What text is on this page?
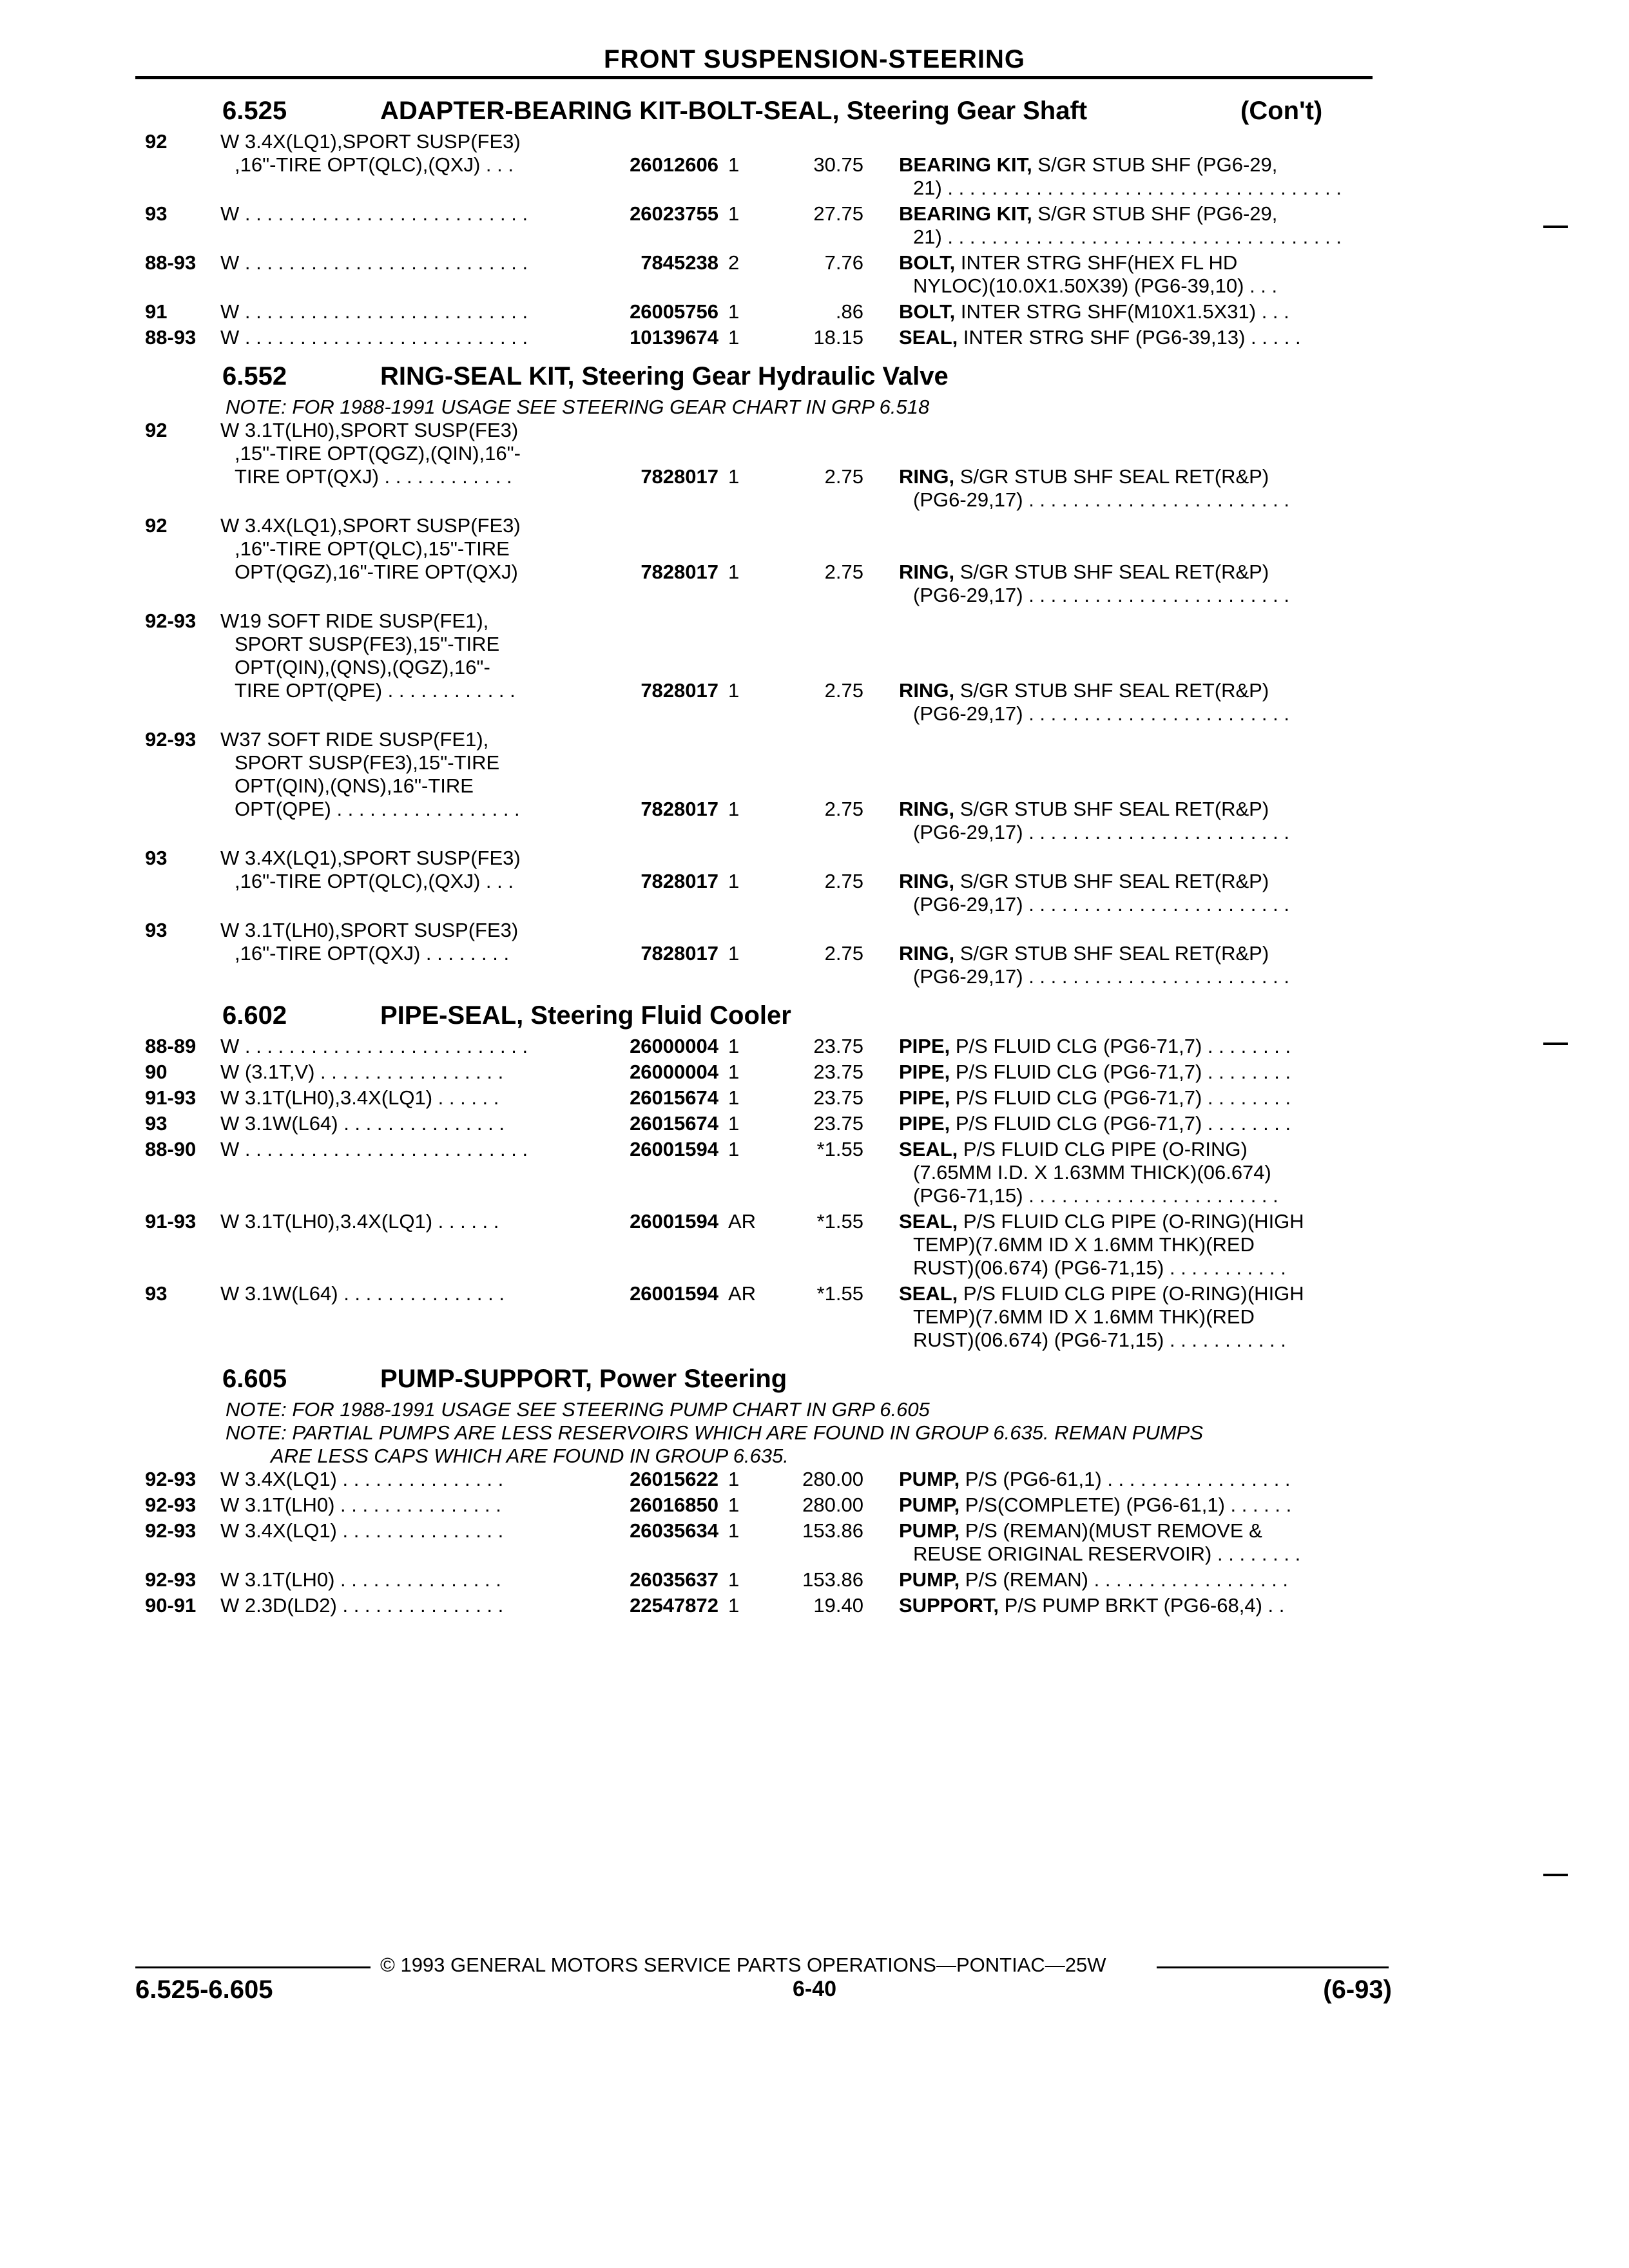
FRONT SUSPENSION-STEERING
6.525	ADAPTER-BEARING KIT-BOLT-SEAL, Steering Gear Shaft	(Con't)
92	W 3.4X(LQ1),SPORT SUSP(FE3)
,16"-TIRE OPT(QLC),(QXJ) . . .	26012606 1	30.75 BEARING KIT, S/GR STUB SHF (PG6-29,
21) . . . . . . . . . . . . . . . . . . . . . . . . . . . . . . . . . . . .
93	W . . . . . . . . . . . . . . . . . . . . . . . . . .	26023755 1	27.75 BEARING KIT, S/GR STUB SHF (PG6-29,
21) . . . . . . . . . . . . . . . . . . . . . . . . . . . . . . . . . . . .
88-93	W . . . . . . . . . . . . . . . . . . . . . . . . . .	7845238 2	7.76 BOLT, INTER STRG SHF(HEX FL HD
NYLOC)(10.0X1.50X39) (PG6-39,10) . . .
91	W . . . . . . . . . . . . . . . . . . . . . . . . . .	26005756 1	.86 BOLT, INTER STRG SHF(M10X1.5X31) . . .
88-93	W . . . . . . . . . . . . . . . . . . . . . . . . . .	10139674 1	18.15 SEAL, INTER STRG SHF (PG6-39,13) . . . . .
6.552	RING-SEAL KIT, Steering Gear Hydraulic Valve
NOTE: FOR 1988-1991 USAGE SEE STEERING GEAR CHART IN GRP 6.518
92	W 3.1T(LH0),SPORT SUSP(FE3)
,15"-TIRE OPT(QGZ),(QIN),16"-
TIRE OPT(QXJ) . . . . . . . . . . . .	7828017 1	2.75 RING, S/GR STUB SHF SEAL RET(R&P)
(PG6-29,17) . . . . . . . . . . . . . . . . . . . . . . . .
92	W 3.4X(LQ1),SPORT SUSP(FE3)
,16"-TIRE OPT(QLC),15"-TIRE
OPT(QGZ),16"-TIRE OPT(QXJ)	7828017 1	2.75 RING, S/GR STUB SHF SEAL RET(R&P)
(PG6-29,17) . . . . . . . . . . . . . . . . . . . . . . . .
92-93	W19 SOFT RIDE SUSP(FE1),
SPORT SUSP(FE3),15"-TIRE
OPT(QIN),(QNS),(QGZ),16"-
TIRE OPT(QPE) . . . . . . . . . . . .	7828017 1	2.75 RING, S/GR STUB SHF SEAL RET(R&P)
(PG6-29,17) . . . . . . . . . . . . . . . . . . . . . . . .
92-93	W37 SOFT RIDE SUSP(FE1),
SPORT SUSP(FE3),15"-TIRE
OPT(QIN),(QNS),16"-TIRE
OPT(QPE) . . . . . . . . . . . . . . . . .	7828017 1	2.75 RING, S/GR STUB SHF SEAL RET(R&P)
(PG6-29,17) . . . . . . . . . . . . . . . . . . . . . . . .
93	W 3.4X(LQ1),SPORT SUSP(FE3)
,16"-TIRE OPT(QLC),(QXJ) . . .	7828017 1	2.75 RING, S/GR STUB SHF SEAL RET(R&P)
(PG6-29,17) . . . . . . . . . . . . . . . . . . . . . . . .
93	W 3.1T(LH0),SPORT SUSP(FE3)
,16"-TIRE OPT(QXJ) . . . . . . . .	7828017 1	2.75 RING, S/GR STUB SHF SEAL RET(R&P)
(PG6-29,17) . . . . . . . . . . . . . . . . . . . . . . . .
6.602	PIPE-SEAL, Steering Fluid Cooler
88-89	W . . . . . . . . . . . . . . . . . . . . . . . . . .	26000004 1	23.75 PIPE, P/S FLUID CLG (PG6-71,7) . . . . . . . .
90	W (3.1T,V) . . . . . . . . . . . . . . . . .	26000004 1	23.75 PIPE, P/S FLUID CLG (PG6-71,7) . . . . . . . .
91-93	W 3.1T(LH0),3.4X(LQ1) . . . . . .	26015674 1	23.75 PIPE, P/S FLUID CLG (PG6-71,7) . . . . . . . .
93	W 3.1W(L64) . . . . . . . . . . . . . . .	26015674 1	23.75 PIPE, P/S FLUID CLG (PG6-71,7) . . . . . . . .
88-90	W . . . . . . . . . . . . . . . . . . . . . . . . . .	26001594 1	*1.55 SEAL, P/S FLUID CLG PIPE (O-RING)
(7.65MM I.D. X 1.63MM THICK)(06.674)
(PG6-71,15) . . . . . . . . . . . . . . . . . . . . . . .
91-93	W 3.1T(LH0),3.4X(LQ1) . . . . . .	26001594 AR	*1.55 SEAL, P/S FLUID CLG PIPE (O-RING)(HIGH
TEMP)(7.6MM ID X 1.6MM THK)(RED
RUST)(06.674) (PG6-71,15) . . . . . . . . . . .
93	W 3.1W(L64) . . . . . . . . . . . . . . .	26001594 AR	*1.55 SEAL, P/S FLUID CLG PIPE (O-RING)(HIGH
TEMP)(7.6MM ID X 1.6MM THK)(RED
RUST)(06.674) (PG6-71,15) . . . . . . . . . . .
6.605	PUMP-SUPPORT, Power Steering
NOTE: FOR 1988-1991 USAGE SEE STEERING PUMP CHART IN GRP 6.605
NOTE: PARTIAL PUMPS ARE LESS RESERVOIRS WHICH ARE FOUND IN GROUP 6.635. REMAN PUMPS
ARE LESS CAPS WHICH ARE FOUND IN GROUP 6.635.
92-93	W 3.4X(LQ1) . . . . . . . . . . . . . . .	26015622 1	280.00 PUMP, P/S (PG6-61,1) . . . . . . . . . . . . . . . . .
92-93	W 3.1T(LH0) . . . . . . . . . . . . . . .	26016850 1	280.00 PUMP, P/S(COMPLETE) (PG6-61,1) . . . . . .
92-93	W 3.4X(LQ1) . . . . . . . . . . . . . . .	26035634 1	153.86 PUMP, P/S (REMAN)(MUST REMOVE &
REUSE ORIGINAL RESERVOIR) . . . . . . . .
92-93	W 3.1T(LH0) . . . . . . . . . . . . . . .	26035637 1	153.86 PUMP, P/S (REMAN) . . . . . . . . . . . . . . . . . .
90-91	W 2.3D(LD2) . . . . . . . . . . . . . . .	22547872 1	19.40 SUPPORT, P/S PUMP BRKT (PG6-68,4) . .
© 1993 GENERAL MOTORS SERVICE PARTS OPERATIONS—PONTIAC—25W
6.525-6.605	6-40	(6-93)
